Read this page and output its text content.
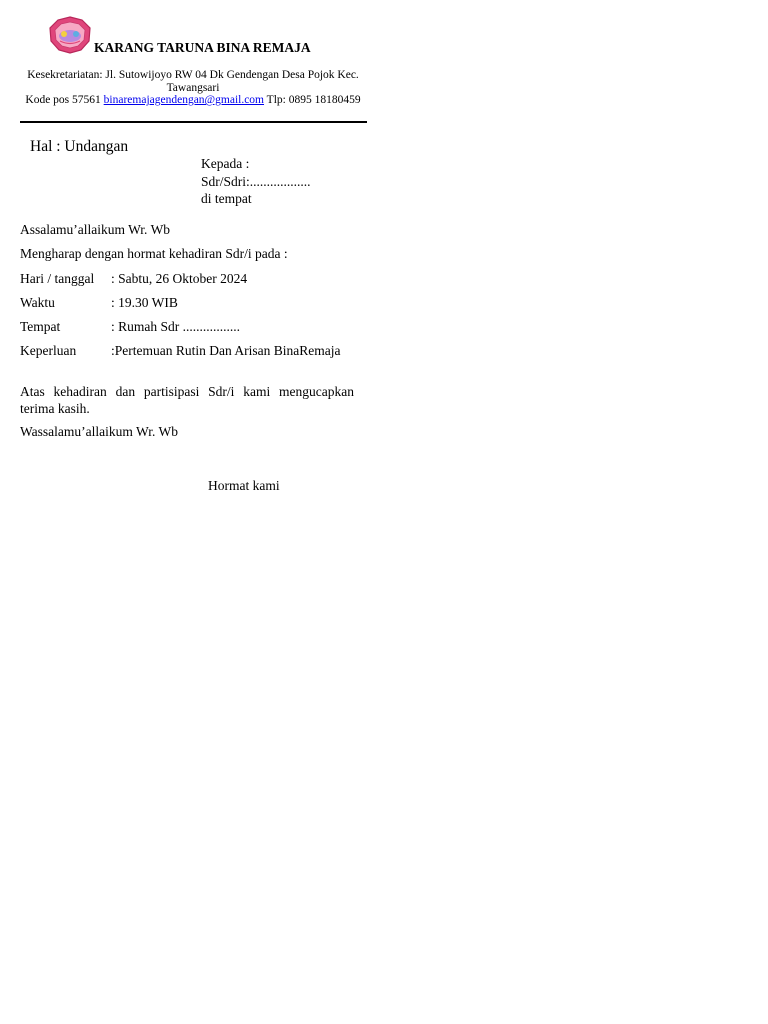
KARANG TARUNA BINA REMAJA
Kesekretariatan: Jl. Sutowijoyo RW 04 Dk Gendengan Desa Pojok Kec. Tawangsari
Kode pos 57561 binaremajagendengan@gmail.com Tlp: 0895 18180459
Hal : Undangan
Kepada :
Sdr/Sdri:..................
di tempat
Assalamu’allaikum Wr. Wb
Mengharap dengan hormat kehadiran Sdr/i pada :
Hari / tanggal : Sabtu, 26 Oktober 2024
Waktu	: 19.30 WIB
Tempat	: Rumah Sdr .................
Keperluan	:Pertemuan Rutin Dan Arisan BinaRemaja
Atas kehadiran dan partisipasi Sdr/i kami mengucapkan terima kasih.
Wassalamu’allaikum Wr. Wb
Hormat kami
